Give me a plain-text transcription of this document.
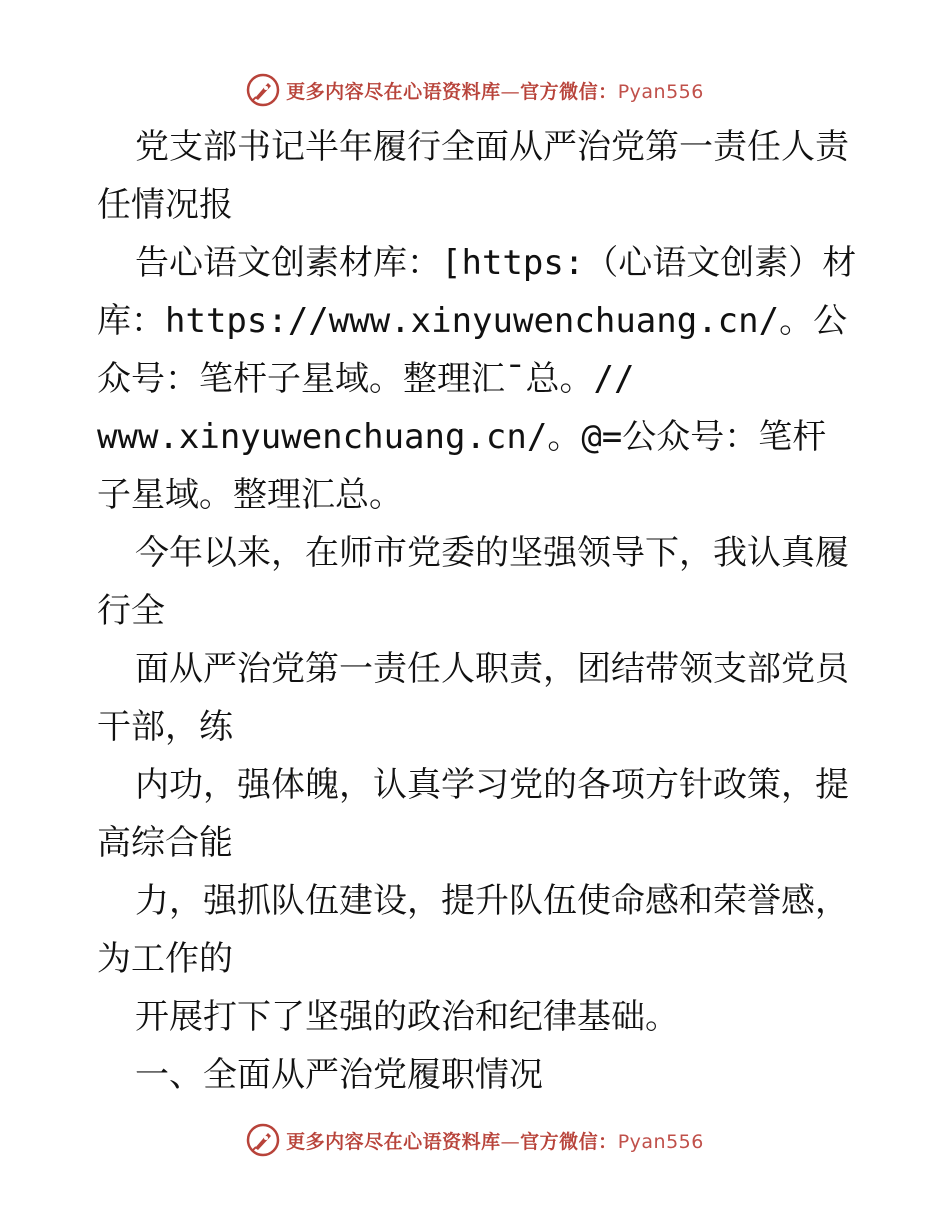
更多内容尽在心语资料库—官方微信：Pyan556

党支部书记半年履行全面从严治党第一责任人责任情况报

告心语文创素材库：[https:（心语文创素）材库：https://www.xinyuwenchuang.cn/。公众号：笔杆子星域。整理汇¯总。//

www.xinyuwenchuang.cn/。@=公众号：笔杆子星域。整理汇总。

今年以来，在师市党委的坚强领导下，我认真履行全

面从严治党第一责任人职责，团结带领支部党员干部，练

内功，强体魄，认真学习党的各项方针政策，提高综合能

力，强抓队伍建设，提升队伍使命感和荣誉感，为工作的

开展打下了坚强的政治和纪律基础。

一、全面从严治党履职情况

更多内容尽在心语资料库—官方微信：Pyan556
